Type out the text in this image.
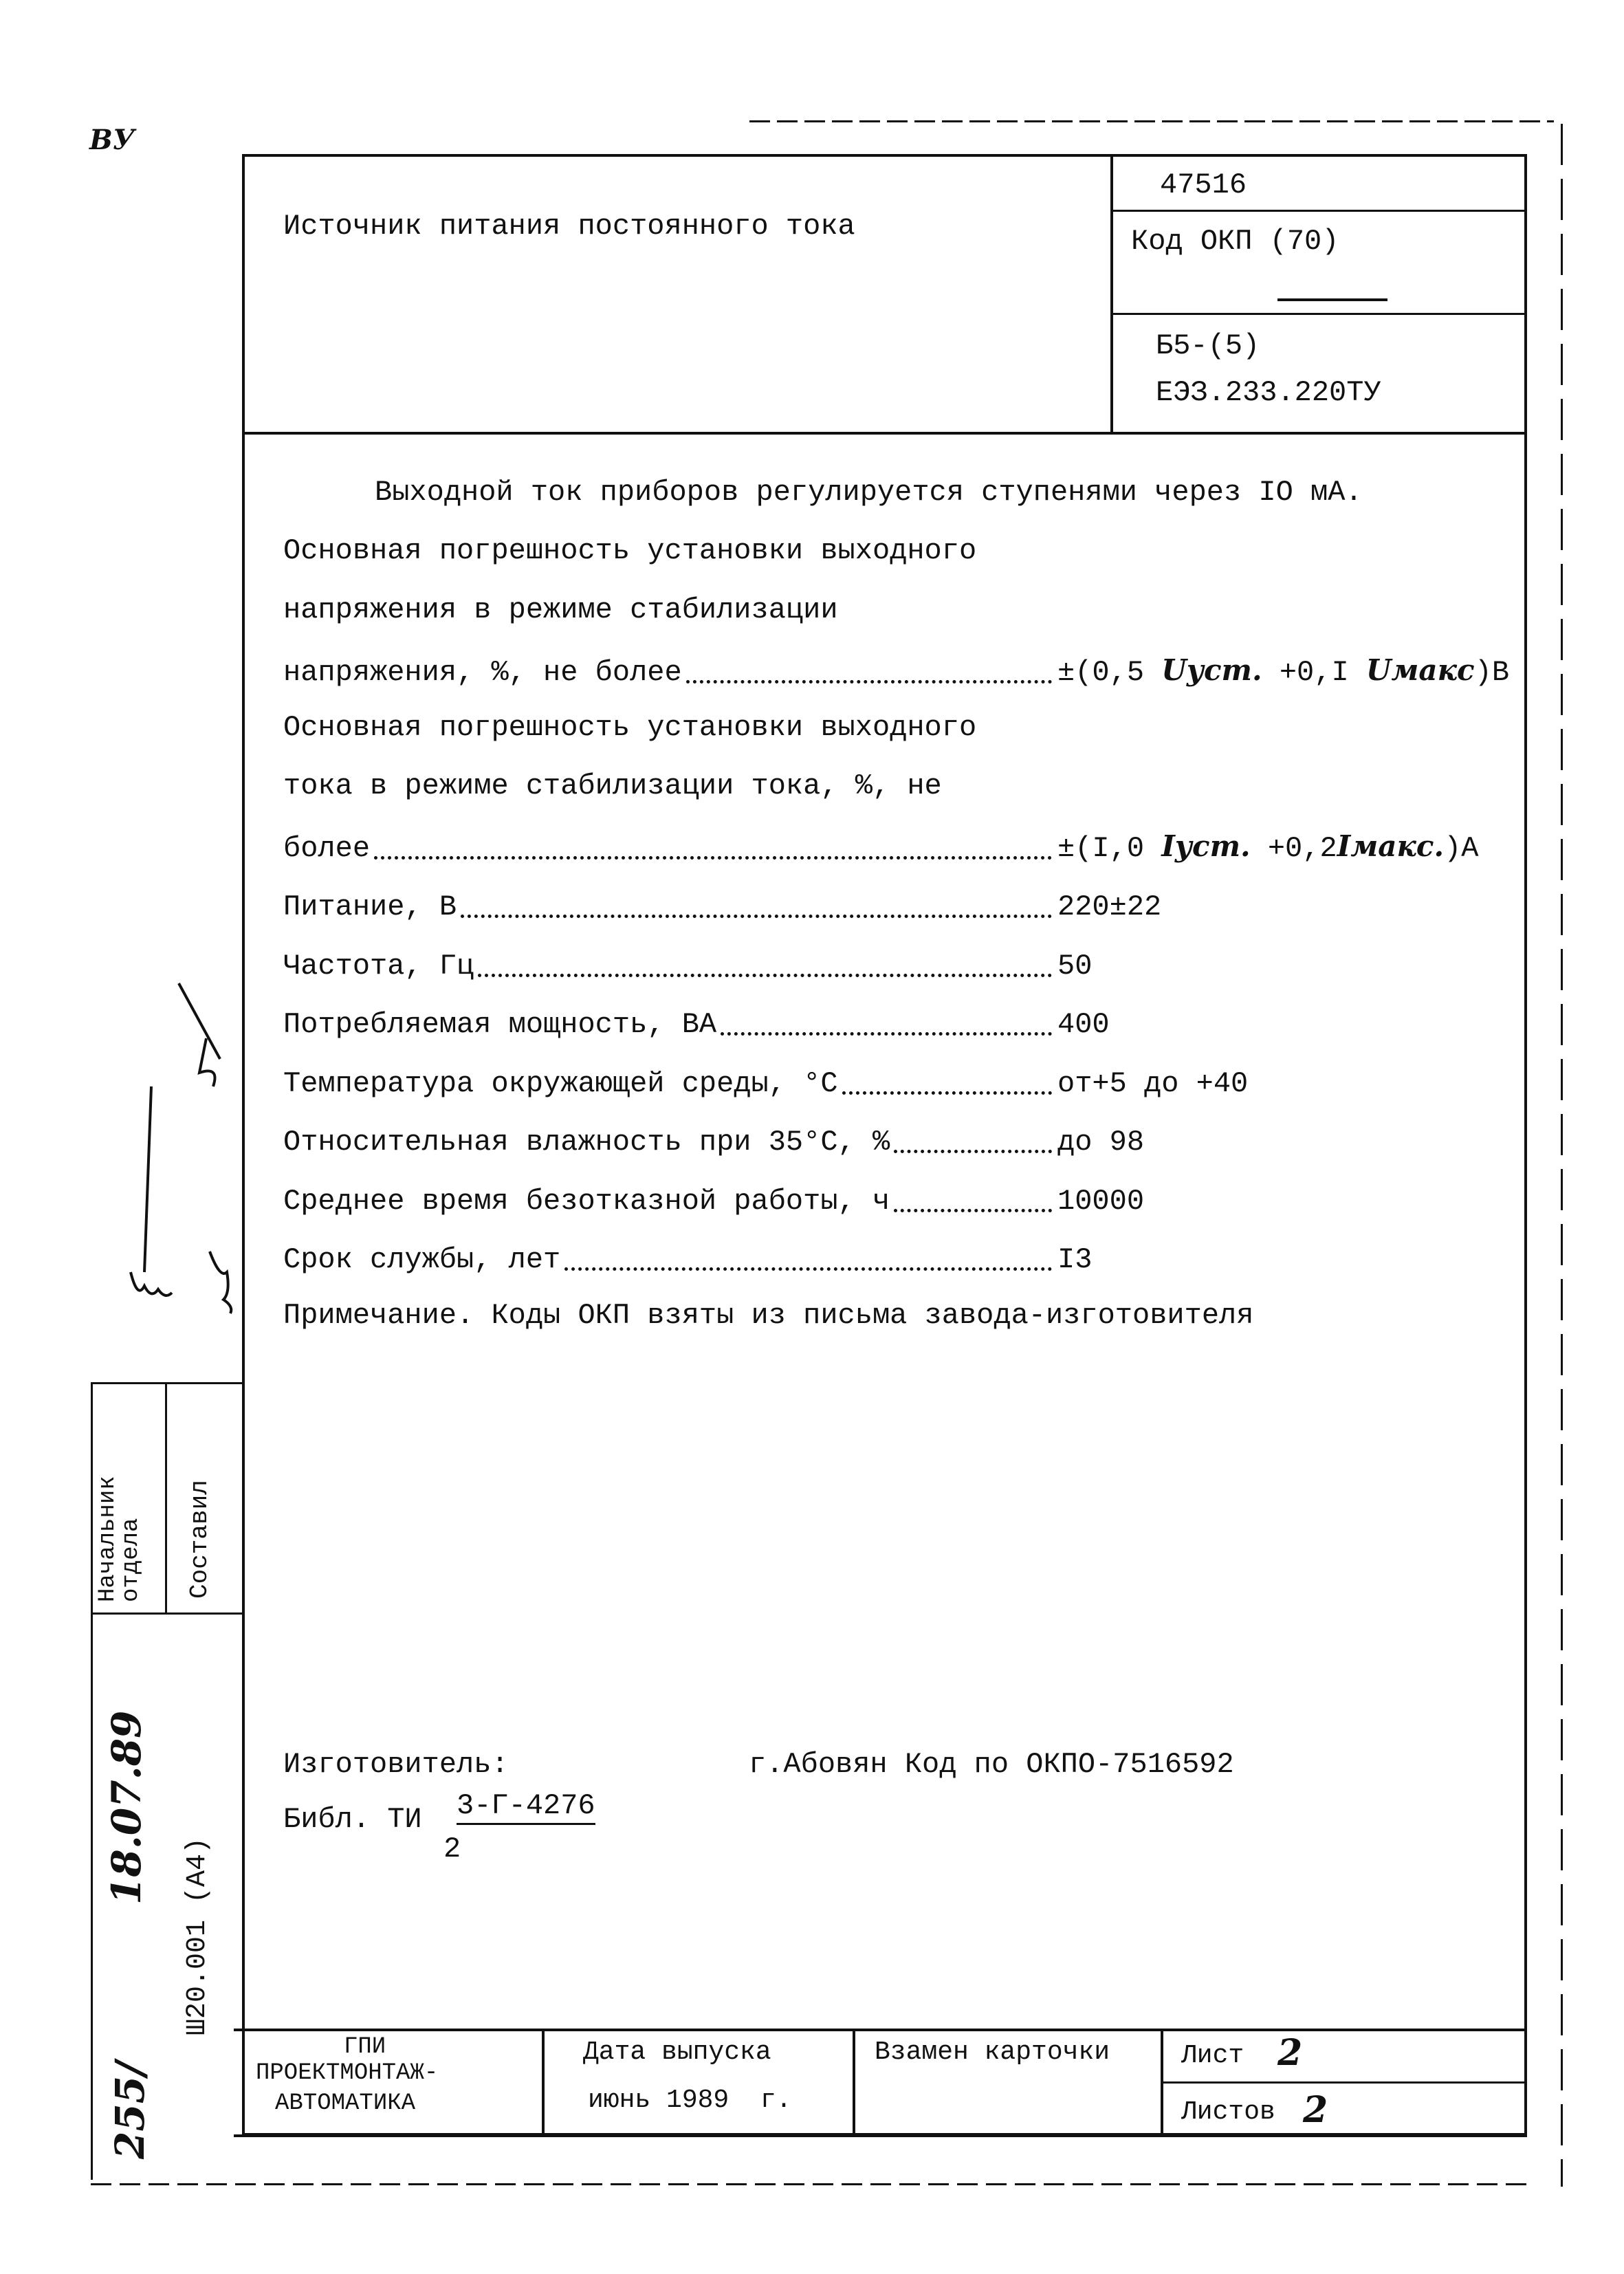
ВУ
Источник питания постоянного тока
47516
Код ОКП (70)
Б5-(5)
ЕЭЗ.233.220ТУ
Выходной ток приборов регулируется ступенями через IO мА.
Основная погрешность установки выходного
напряжения в режиме стабилизации
напряжения, %, не более	±(0,5 Uуст. +0,I Uмакс)B
Основная погрешность установки выходного
тока в режиме стабилизации тока, %, не
более	±(I,0 Iуст. +0,2Iмакс.)A
Питание, В	220±22
Частота, Гц	50
Потребляемая мощность, ВА	400
Температура окружающей среды, °С	от+5 до +40
Относительная влажность при 35°С, %	до 98
Среднее время безотказной работы, ч	10000
Срок службы, лет	I3
Примечание. Коды ОКП взяты из письма завода-изготовителя
Изготовитель:	г.Абовян Код по ОКПО-7516592
Библ. ТИ 3-Г-4276
2
ГПИ
ПРОЕКТМОНТАЖ-
АВТОМАТИКА
Дата выпуска
июнь 1989  г.
Взамен карточки	Лист 2
Листов 2
Начальник отдела Составил
18.07.89
Ш20.001 (А4)
255/
